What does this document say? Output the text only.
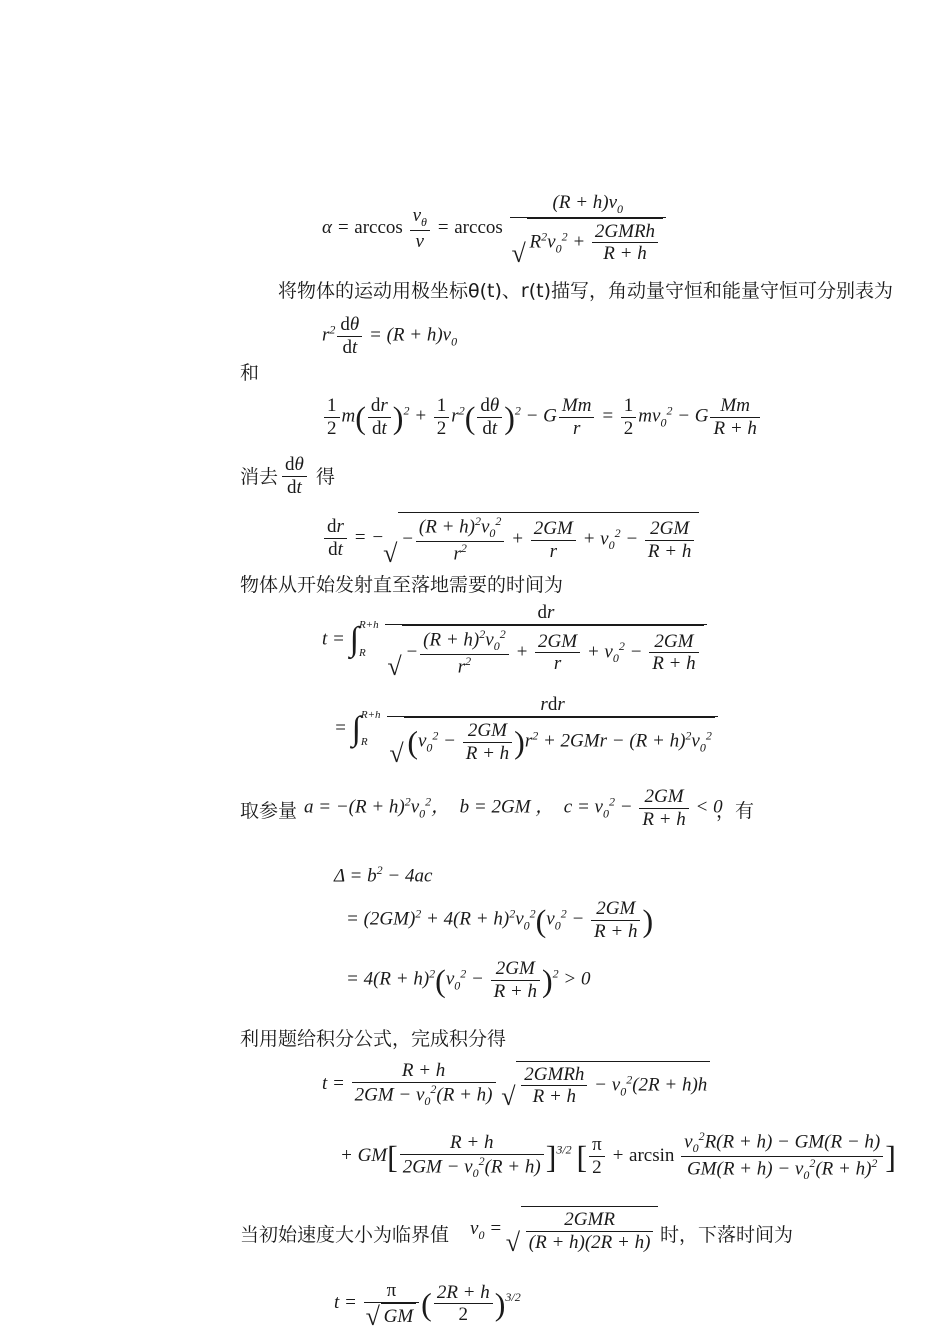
$\alpha = \arccos \frac{v_\theta}{v} = \arccos (R + h)v_0$
√ $R^2v_0^2 + \frac{\text{2GMRh}}{R + h}$
将物体的运动用极坐标θ(t)、r(t)描写，角动量守恒和能量守恒可分别表为
$r^2 \frac{d\theta}{dt} = (R + h)v_0$
和
$\frac{1}{2} m( \frac{dr}{dt} )^2 + \frac{1}{2} r^2( \frac{d\theta}{dt} )^2 - G \frac{Mm}{r} = \frac{1}{2} mv_0^2 - G \frac{Mm}{R + h}$
消去 $\frac{d\theta}{dt}$ 得
$\frac{dr}{dt}$ = − √ − $\frac{(R + h)^2v_0^2}{r^2} + \frac{2GM}{r} + v_0^2 - \frac{2GM}{R + h}$
物体从开始发射直至落地需要的时间为
t = ∫ R+h
R
	dr
√ − $\frac{(R + h)^2v_0^2}{r^2} + \frac{2GM}{r} + v_0^2 - \frac{2GM}{R + h}$
= ∫ R+h
R
	rdr
√ $(v_0^2 - \frac{2GM}{R + h} )r^2 + 2GMr - (R + h)^2v_0^2$
取参量 $a = -(R + h)^2v_0^2$，  b = 2GM ，  $c = v_0^2 - \frac{2GM}{R + h} < 0$
，有
$\Delta = b^2 - 4ac$
= $(2GM)^2 + 4(R + h)^2v_0^2(v_0^2 - \frac{2GM}{R + h}$ )
= $4(R + h)^2(v_0^2 - \frac{2GM}{R + h} )^2 > 0$
利用题给积分公式，完成积分得
$t = \frac{R + h}{2GM - v_0^2(R + h)}$
√ $\frac{\text{2GMRh}}{R + h} - v_0^2(2R + h)h$
+ $GM[ \frac{R + h}{2GM - v_0^2(R + h)} ]^{3/2}$ [ $\frac{\pi}{2} + \arcsin \frac{v_0^2R(R + h) - GM(R - h)}{GM(R + h) - v_0^2(R + h)^2}$ ]
当初始速度大小为临界值 $v_0$ = √ $\frac{\text{2GMR}}{(R + h)(2R + h)}$ 时，下落时间为
t = π
√ GM ( $\frac{2R + h}{2} )^{3/2}$
